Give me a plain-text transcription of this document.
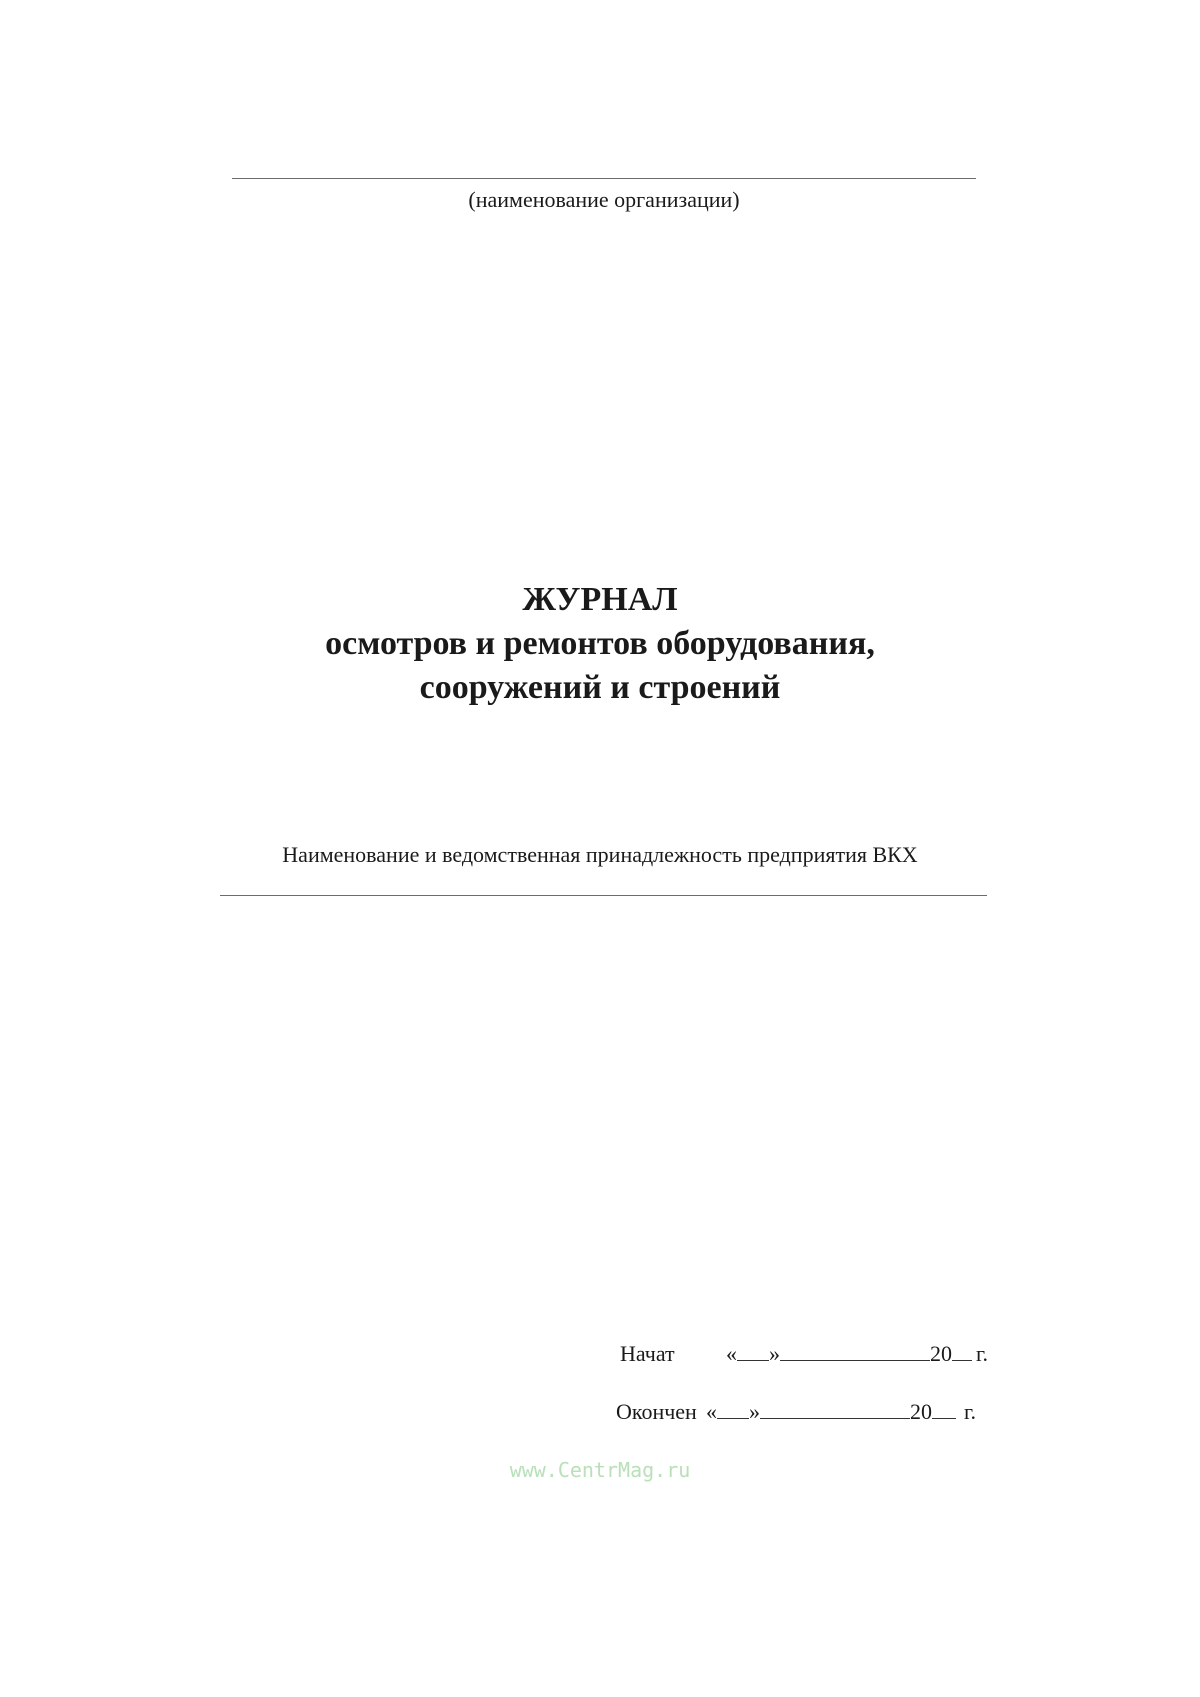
(наименование организации)
ЖУРНАЛ
осмотров и ремонтов оборудования,
сооружений и строений
Наименование и ведомственная принадлежность предприятия ВКХ
Начат « »	20 г.
Окончен « »	20 г.
www.CentrMag.ru
